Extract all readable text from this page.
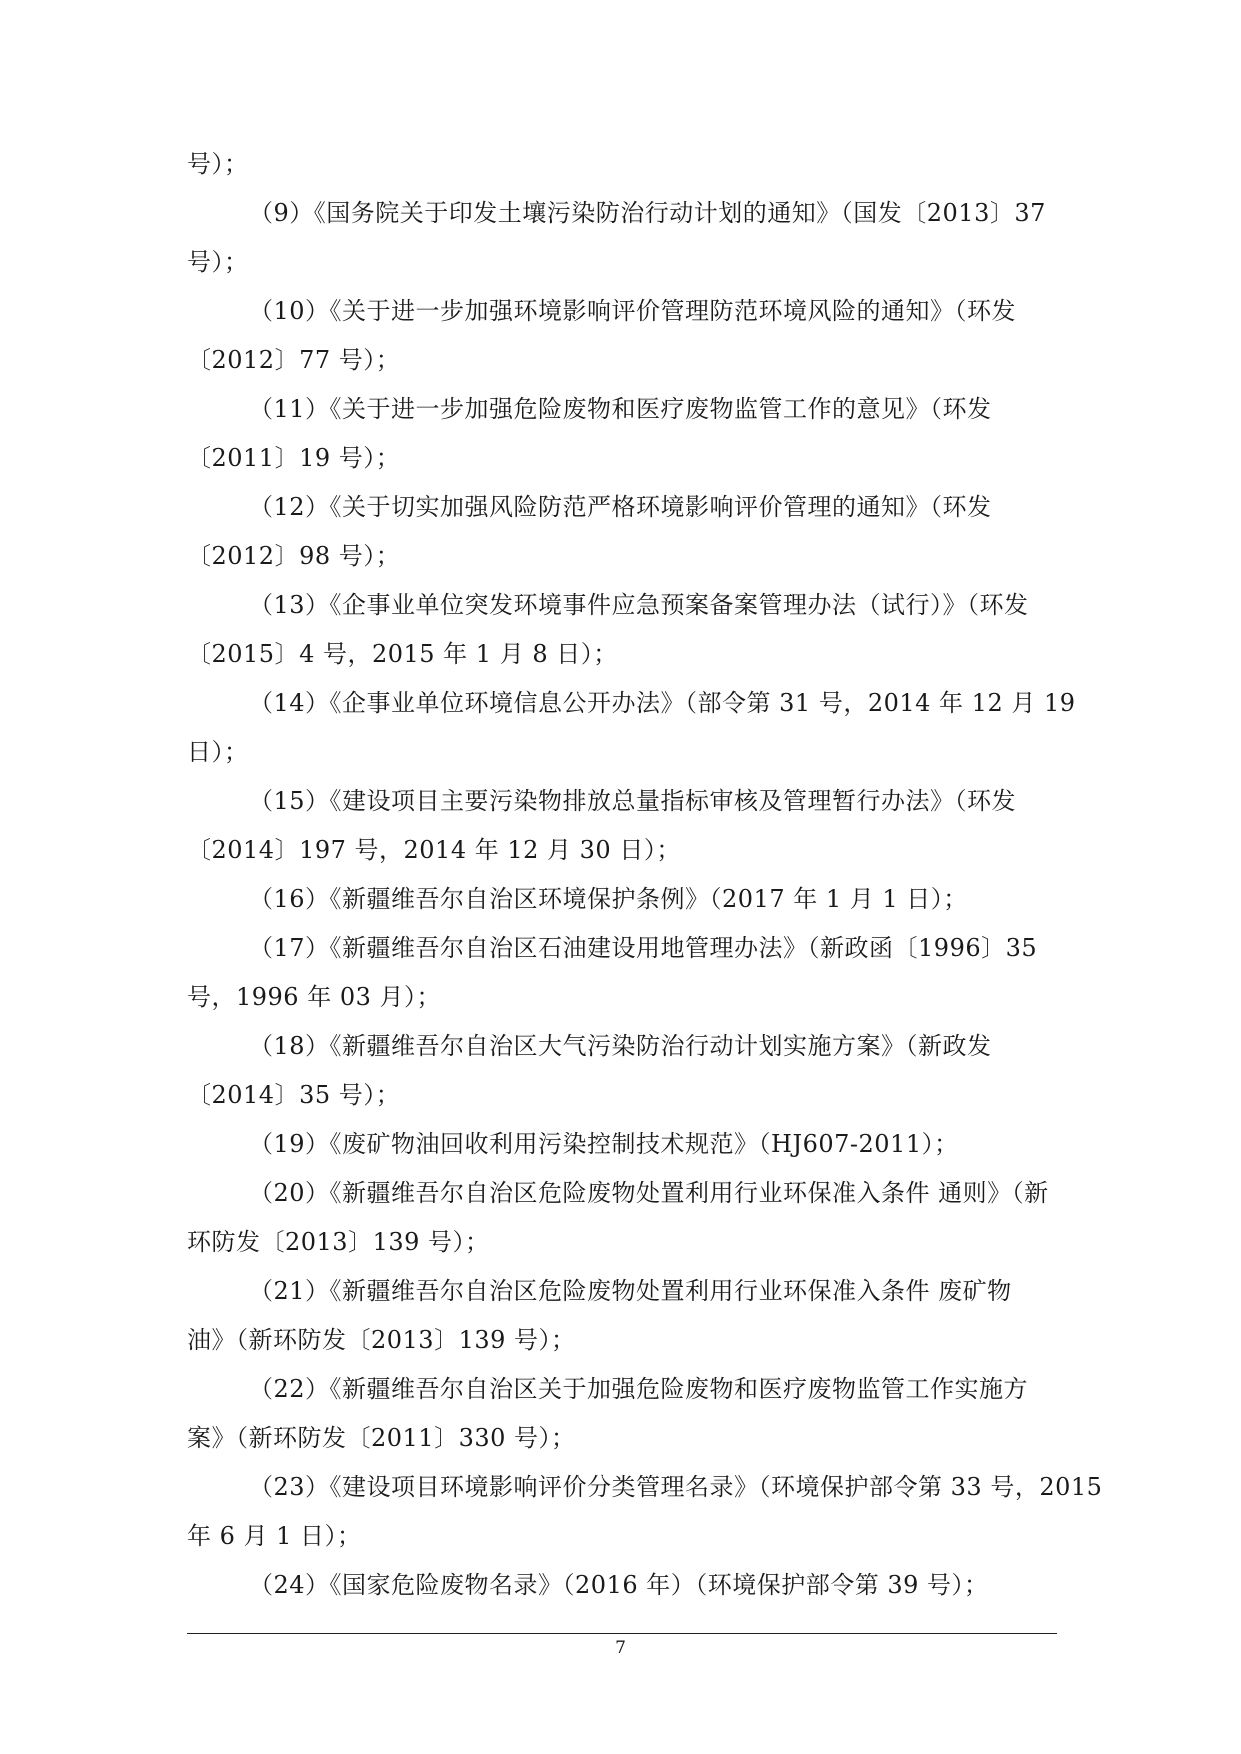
号）；
（9）《国务院关于印发土壤污染防治行动计划的通知》（国发〔2013〕37
号）；
（10）《关于进一步加强环境影响评价管理防范环境风险的通知》（环发
〔2012〕77 号）；
（11）《关于进一步加强危险废物和医疗废物监管工作的意见》（环发
〔2011〕19 号）；
（12）《关于切实加强风险防范严格环境影响评价管理的通知》（环发
〔2012〕98 号）；
（13）《企事业单位突发环境事件应急预案备案管理办法（试行）》（环发
〔2015〕4 号，2015 年 1 月 8 日）；
（14）《企事业单位环境信息公开办法》（部令第 31 号，2014 年 12 月 19
日）；
（15）《建设项目主要污染物排放总量指标审核及管理暂行办法》（环发
〔2014〕197 号，2014 年 12 月 30 日）；
（16）《新疆维吾尔自治区环境保护条例》（2017 年 1 月 1 日）；
（17）《新疆维吾尔自治区石油建设用地管理办法》（新政函〔1996〕35
号，1996 年 03 月）；
（18）《新疆维吾尔自治区大气污染防治行动计划实施方案》（新政发
〔2014〕35 号）；
（19）《废矿物油回收利用污染控制技术规范》（HJ607-2011）；
（20）《新疆维吾尔自治区危险废物处置利用行业环保准入条件 通则》（新
环防发〔2013〕139 号）；
（21）《新疆维吾尔自治区危险废物处置利用行业环保准入条件 废矿物
油》（新环防发〔2013〕139 号）；
（22）《新疆维吾尔自治区关于加强危险废物和医疗废物监管工作实施方
案》（新环防发〔2011〕330 号）；
（23）《建设项目环境影响评价分类管理名录》（环境保护部令第 33 号，2015
年 6 月 1 日）；
（24）《国家危险废物名录》（2016 年）（环境保护部令第 39 号）；
7
